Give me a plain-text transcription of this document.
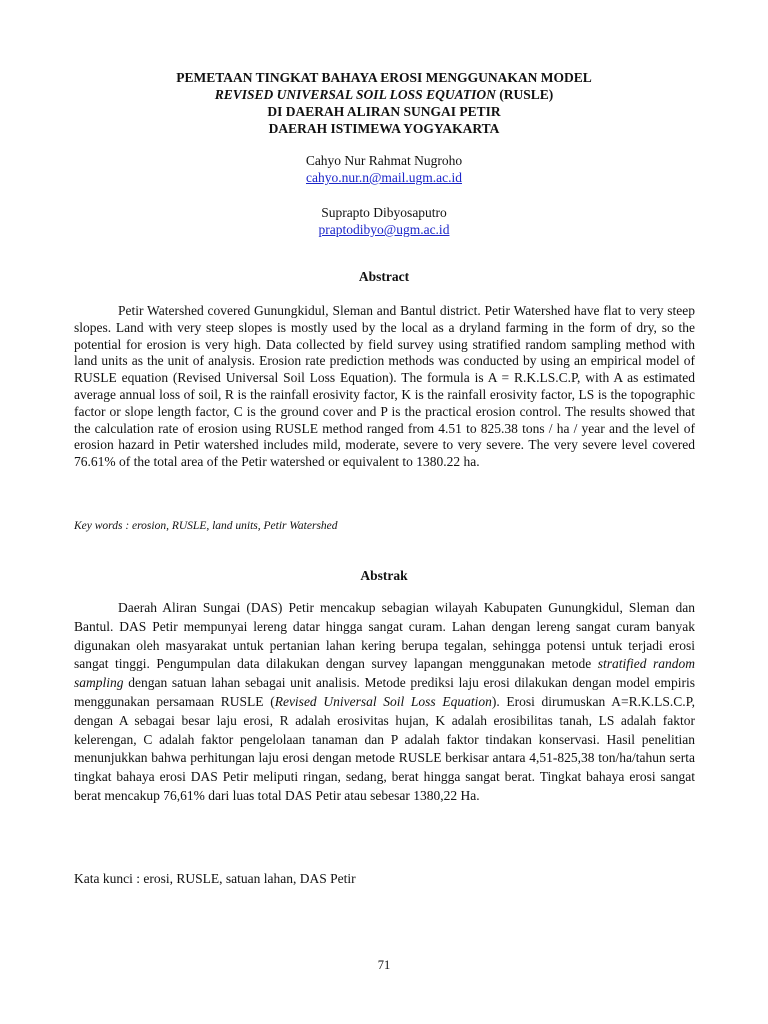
PEMETAAN TINGKAT BAHAYA EROSI MENGGUNAKAN MODEL
REVISED UNIVERSAL SOIL LOSS EQUATION (RUSLE)
DI DAERAH ALIRAN SUNGAI PETIR
DAERAH ISTIMEWA YOGYAKARTA
Cahyo Nur Rahmat Nugroho
cahyo.nur.n@mail.ugm.ac.id
Suprapto Dibyosaputro
praptodibyo@ugm.ac.id
Abstract
Petir Watershed covered Gunungkidul, Sleman and Bantul district. Petir Watershed have flat to very steep slopes. Land with very steep slopes is mostly used by the local as a dryland farming in the form of dry, so the potential for erosion is very high. Data collected by field survey using stratified random sampling method with land units as the unit of analysis. Erosion rate prediction methods was conducted by using an empirical model of RUSLE equation (Revised Universal Soil Loss Equation). The formula is A = R.K.LS.C.P, with A as estimated average annual loss of soil, R is the rainfall erosivity factor, K is the rainfall erosivity factor, LS is the topographic factor or slope length factor, C is the ground cover and P is the practical erosion control. The results showed that the calculation rate of erosion using RUSLE method ranged from 4.51 to 825.38 tons / ha / year and the level of erosion hazard in Petir watershed includes mild, moderate, severe to very severe. The very severe level covered 76.61% of the total area of the Petir watershed or equivalent to 1380.22 ha.
Key words : erosion, RUSLE, land units, Petir Watershed
Abstrak
Daerah Aliran Sungai (DAS) Petir mencakup sebagian wilayah Kabupaten Gunungkidul, Sleman dan Bantul. DAS Petir mempunyai lereng datar hingga sangat curam. Lahan dengan lereng sangat curam banyak digunakan oleh masyarakat untuk pertanian lahan kering berupa tegalan, sehingga potensi untuk terjadi erosi sangat tinggi. Pengumpulan data dilakukan dengan survey lapangan menggunakan metode stratified random sampling dengan satuan lahan sebagai unit analisis. Metode prediksi laju erosi dilakukan dengan model empiris menggunakan persamaan RUSLE (Revised Universal Soil Loss Equation). Erosi dirumuskan A=R.K.LS.C.P, dengan A sebagai besar laju erosi, R adalah erosivitas hujan, K adalah erosibilitas tanah, LS adalah faktor kelerengan, C adalah faktor pengelolaan tanaman dan P adalah faktor tindakan konservasi. Hasil penelitian menunjukkan bahwa perhitungan laju erosi dengan metode RUSLE berkisar antara 4,51-825,38 ton/ha/tahun serta tingkat bahaya erosi DAS Petir meliputi ringan, sedang, berat hingga sangat berat. Tingkat bahaya erosi sangat berat mencakup 76,61% dari luas total DAS Petir atau sebesar 1380,22 Ha.
Kata kunci : erosi, RUSLE, satuan lahan, DAS Petir
71
